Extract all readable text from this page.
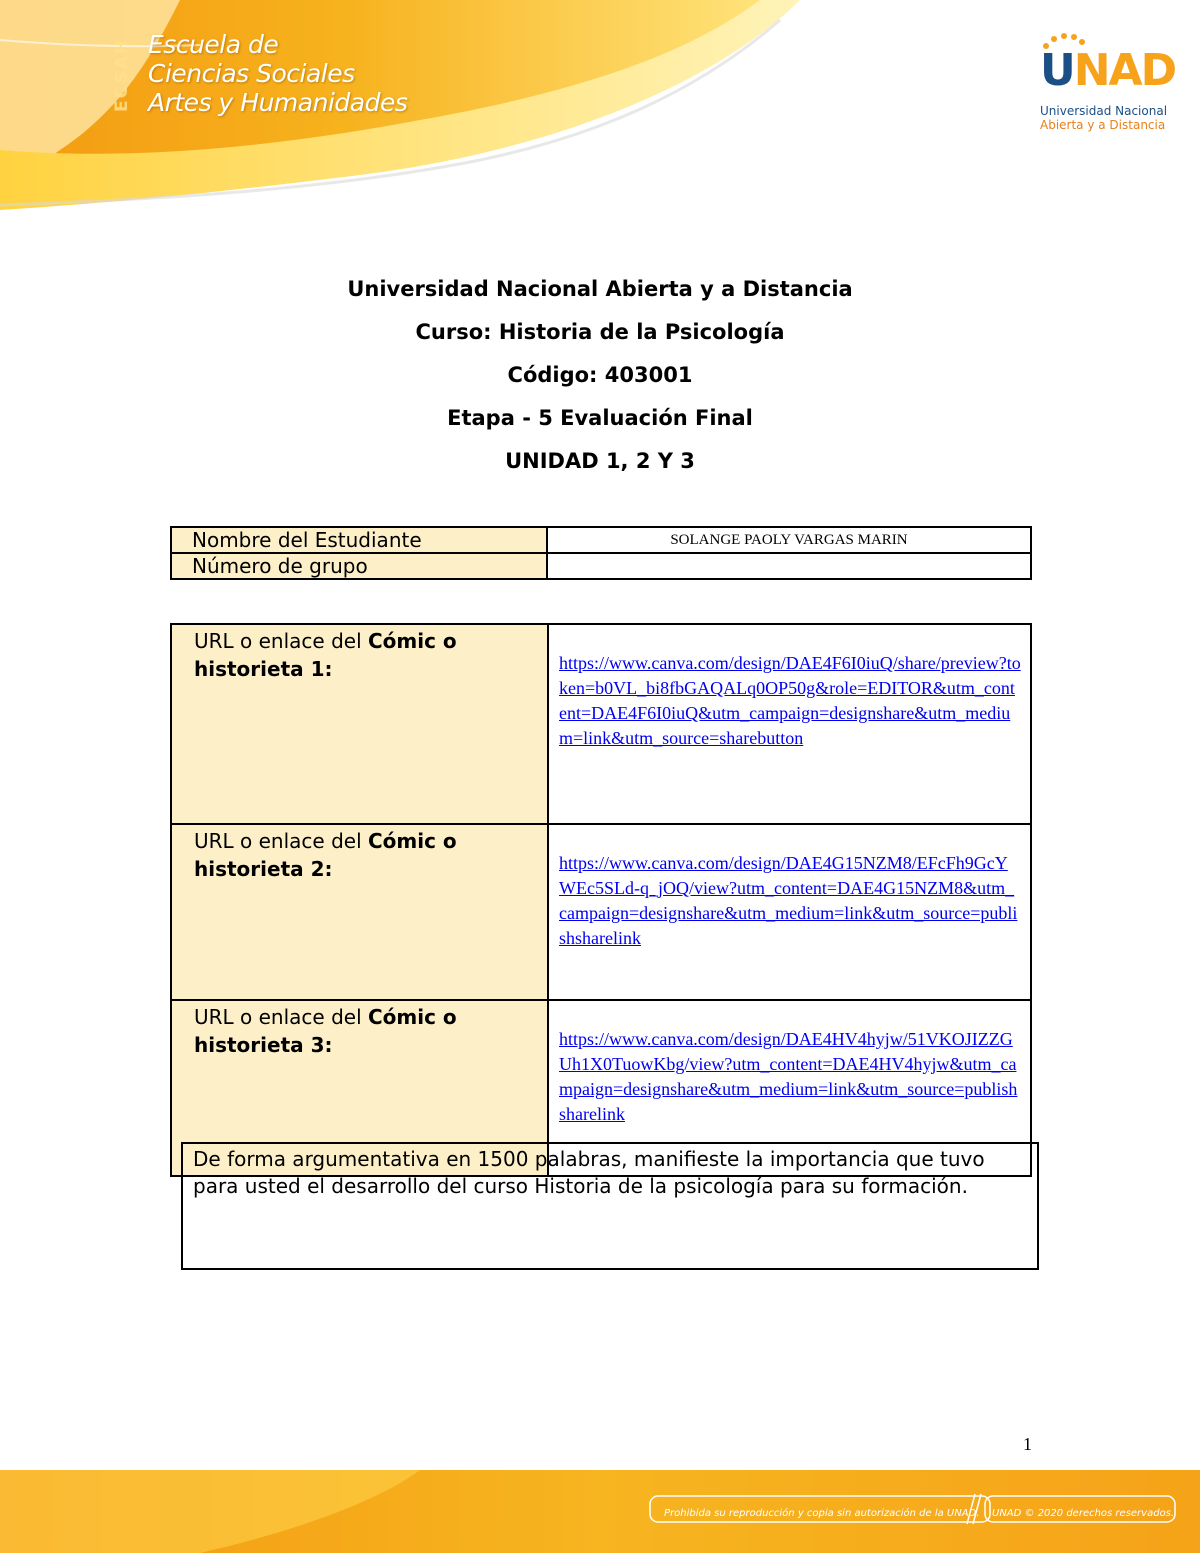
ECSAH Escuela de
Ciencias Sociales
Artes y Humanidades
UNAD
Universidad Nacional
Abierta y a Distancia
Universidad Nacional Abierta y a Distancia
Curso: Historia de la Psicología
Código: 403001
Etapa - 5 Evaluación Final
UNIDAD 1, 2 Y 3
Nombre del Estudiante	SOLANGE PAOLY VARGAS MARIN
Número de grupo	
URL o enlace del Cómic o historieta 1:	https://www.canva.com/design/DAE4F6I0iuQ/share/preview?token=b0VL_bi8fbGAQALq0OP50g&role=EDITOR&utm_content=DAE4F6I0iuQ&utm_campaign=designshare&utm_medium=link&utm_source=sharebutton
URL o enlace del Cómic o historieta 2:	https://www.canva.com/design/DAE4G15NZM8/EFcFh9GcYWEc5SLd-q_jOQ/view?utm_content=DAE4G15NZM8&utm_campaign=designshare&utm_medium=link&utm_source=publishsharelink
URL o enlace del Cómic o historieta 3:	https://www.canva.com/design/DAE4HV4hyjw/51VKOJIZZGUh1X0TuowKbg/view?utm_content=DAE4HV4hyjw&utm_campaign=designshare&utm_medium=link&utm_source=publishsharelink
De forma argumentativa en 1500 palabras, manifieste la importancia que tuvo para usted el desarrollo del curso Historia de la psicología para su formación.
1
Prohibida su reproducción y copia sin autorización de la UNAD. UNAD © 2020 derechos reservados.
